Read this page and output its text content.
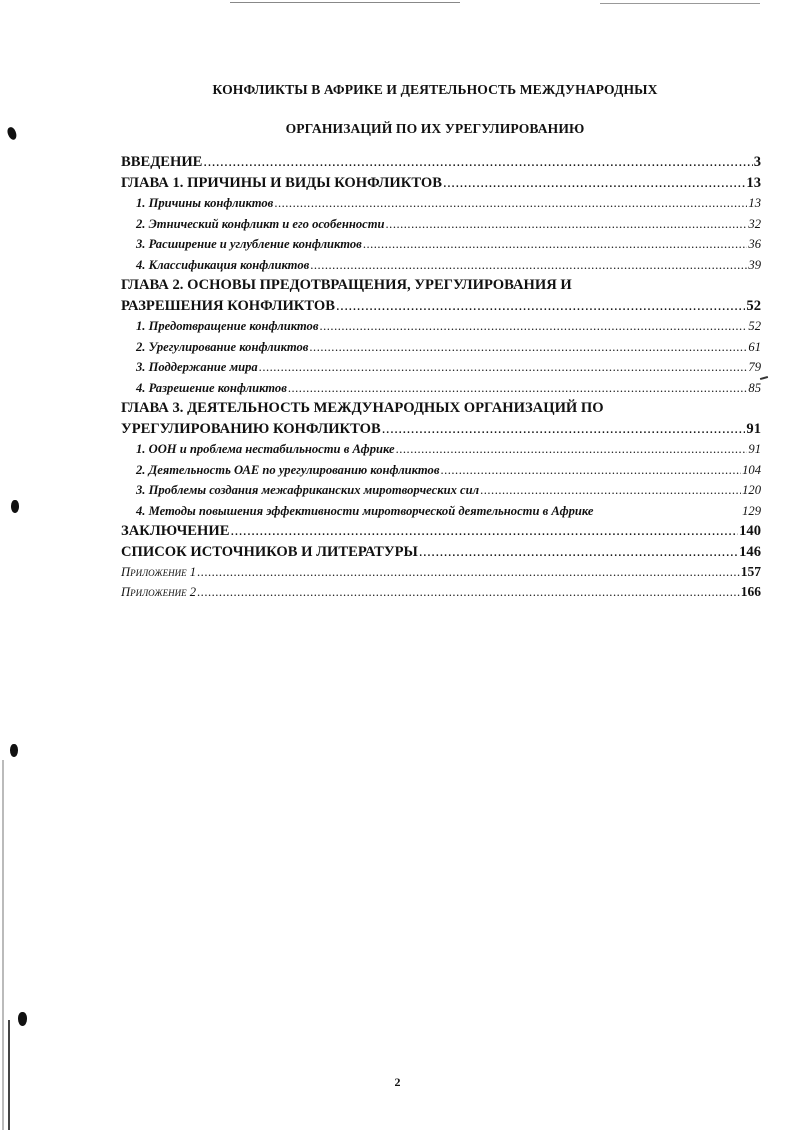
КОНФЛИКТЫ В АФРИКЕ И ДЕЯТЕЛЬНОСТЬ МЕЖДУНАРОДНЫХ
ОРГАНИЗАЦИЙ ПО ИХ УРЕГУЛИРОВАНИЮ
ВВЕДЕНИЕ .....	3
ГЛАВА 1. ПРИЧИНЫ И ВИДЫ КОНФЛИКТОВ .....	13
1. Причины конфликтов .....	13
2. Этнический конфликт и его особенности .....	32
3. Расширение и углубление конфликтов .....	36
4. Классификация конфликтов .....	39
ГЛАВА 2. ОСНОВЫ ПРЕДОТВРАЩЕНИЯ, УРЕГУЛИРОВАНИЯ И
РАЗРЕШЕНИЯ КОНФЛИКТОВ .....	52
1. Предотвращение конфликтов .....	52
2. Урегулирование конфликтов .....	61
3. Поддержание мира .....	79
4. Разрешение конфликтов .....	85
ГЛАВА 3. ДЕЯТЕЛЬНОСТЬ МЕЖДУНАРОДНЫХ ОРГАНИЗАЦИЙ ПО
УРЕГУЛИРОВАНИЮ КОНФЛИКТОВ .....	91
1. ООН и проблема нестабильности в Африке .....	91
2. Деятельность ОАЕ по урегулированию конфликтов .....	104
3. Проблемы создания межафриканских миротворческих сил .....	120
4. Методы повышения эффективности миротворческой деятельности в Африке	129
ЗАКЛЮЧЕНИЕ .....	140
СПИСОК ИСТОЧНИКОВ И ЛИТЕРАТУРЫ .....	146
Приложение 1 .....	157
Приложение 2 .....	166
2
